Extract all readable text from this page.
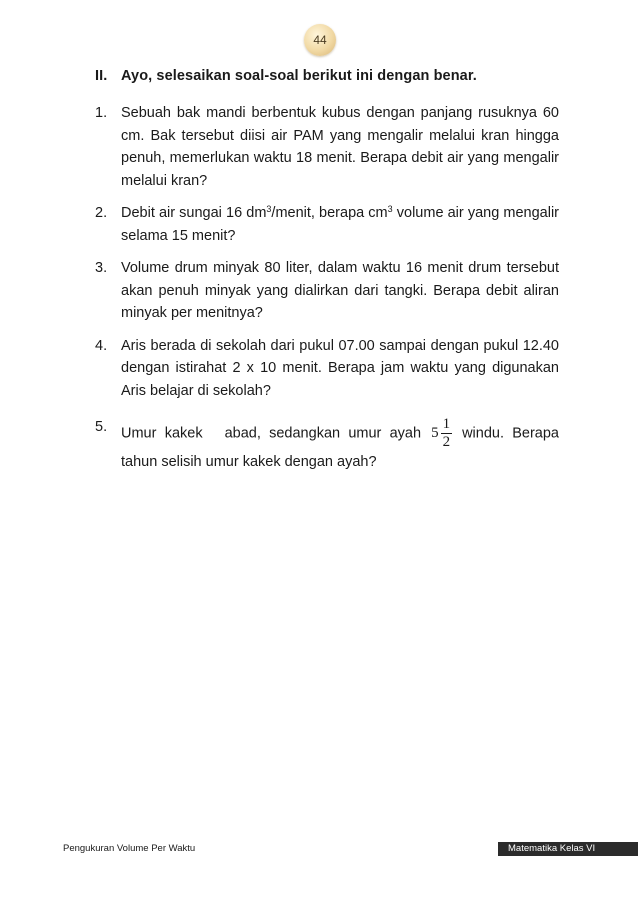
44
II. Ayo, selesaikan soal-soal berikut ini dengan benar.
1. Sebuah bak mandi berbentuk kubus dengan panjang rusuknya 60 cm. Bak tersebut diisi air PAM yang mengalir melalui kran hingga penuh, memerlukan waktu 18 menit. Berapa debit air yang mengalir melalui kran?
2. Debit air sungai 16 $dm^3$/menit, berapa $cm^3$ volume air yang mengalir selama 15 menit?
3. Volume drum minyak 80 liter, dalam waktu 16 menit drum tersebut akan penuh minyak yang dialirkan dari tangki. Berapa debit aliran minyak per menitnya?
4. Aris berada di sekolah dari pukul 07.00 sampai dengan pukul 12.40 dengan istirahat 2 x 10 menit. Berapa jam waktu yang digunakan Aris belajar di sekolah?
5. Umur kakek abad, sedangkan umur ayah $5 \frac{1}{2}$ windu. Berapa tahun selisih umur kakek dengan ayah?
Pengukuran Volume Per Waktu	Matematika Kelas VI
